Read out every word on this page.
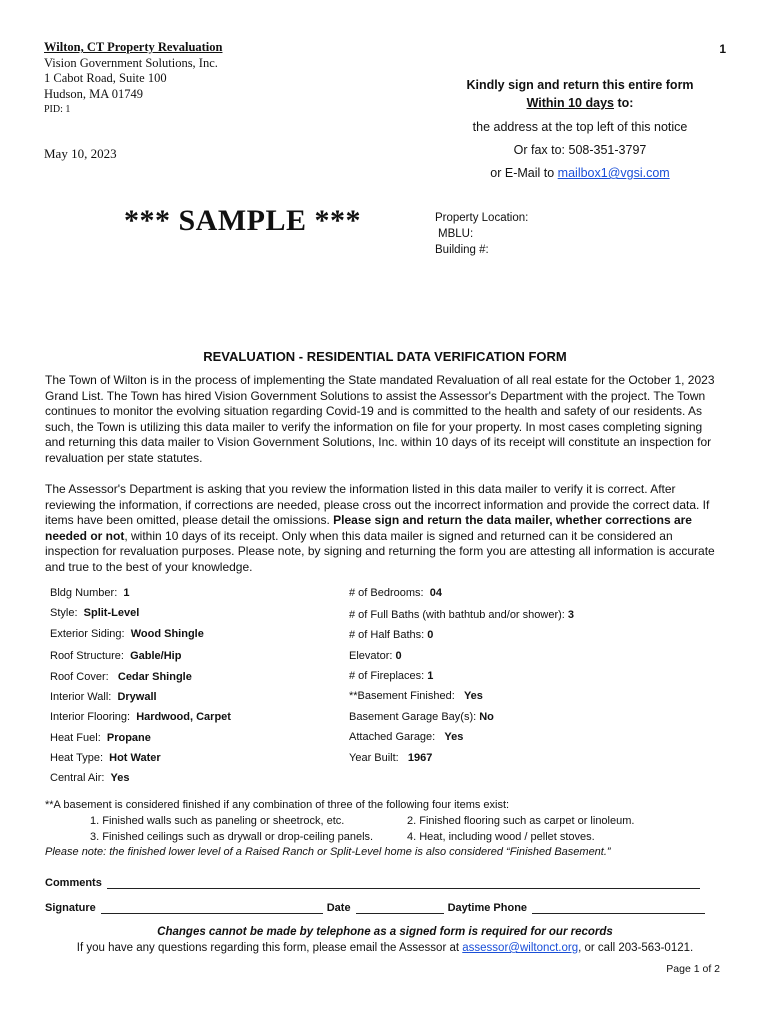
Wilton, CT Property Revaluation
Vision Government Solutions, Inc.
1 Cabot Road, Suite 100
Hudson, MA 01749
PID: 1
1
May 10, 2023
*** SAMPLE ***
Kindly sign and return this entire form
Within 10 days to:
the address at the top left of this notice
Or fax to: 508-351-3797
or E-Mail to mailbox1@vgsi.com
Property Location:
MBLU:
Building #:
REVALUATION - RESIDENTIAL DATA VERIFICATION FORM
The Town of Wilton is in the process of implementing the State mandated Revaluation of all real estate for the October 1, 2023 Grand List. The Town has hired Vision Government Solutions to assist the Assessor's Department with the project. The Town continues to monitor the evolving situation regarding Covid-19 and is committed to the health and safety of our residents. As such, the Town is utilizing this data mailer to verify the information on file for your property. In most cases completing signing and returning this data mailer to Vision Government Solutions, Inc. within 10 days of its receipt will constitute an inspection for revaluation per state statutes.
The Assessor's Department is asking that you review the information listed in this data mailer to verify it is correct. After reviewing the information, if corrections are needed, please cross out the incorrect information and provide the correct data. If items have been omitted, please detail the omissions. Please sign and return the data mailer, whether corrections are needed or not, within 10 days of its receipt. Only when this data mailer is signed and returned can it be considered an inspection for revaluation purposes. Please note, by signing and returning the form you are attesting all information is accurate and true to the best of your knowledge.
Bldg Number: 1
Style: Split-Level
Exterior Siding: Wood Shingle
Roof Structure: Gable/Hip
Roof Cover: Cedar Shingle
Interior Wall: Drywall
Interior Flooring: Hardwood, Carpet
Heat Fuel: Propane
Heat Type: Hot Water
Central Air: Yes
# of Bedrooms: 04
# of Full Baths (with bathtub and/or shower): 3
# of Half Baths: 0
Elevator: 0
# of Fireplaces: 1
**Basement Finished: Yes
Basement Garage Bay(s): No
Attached Garage: Yes
Year Built: 1967
**A basement is considered finished if any combination of three of the following four items exist:
1. Finished walls such as paneling or sheetrock, etc.	2. Finished flooring such as carpet or linoleum.
3. Finished ceilings such as drywall or drop-ceiling panels.	4. Heat, including wood / pellet stoves.
Please note: the finished lower level of a Raised Ranch or Split-Level home is also considered “Finished Basement.”
Comments
Signature	Date	Daytime Phone
Changes cannot be made by telephone as a signed form is required for our records
If you have any questions regarding this form, please email the Assessor at assessor@wiltonct.org, or call 203-563-0121.
Page 1 of 2
